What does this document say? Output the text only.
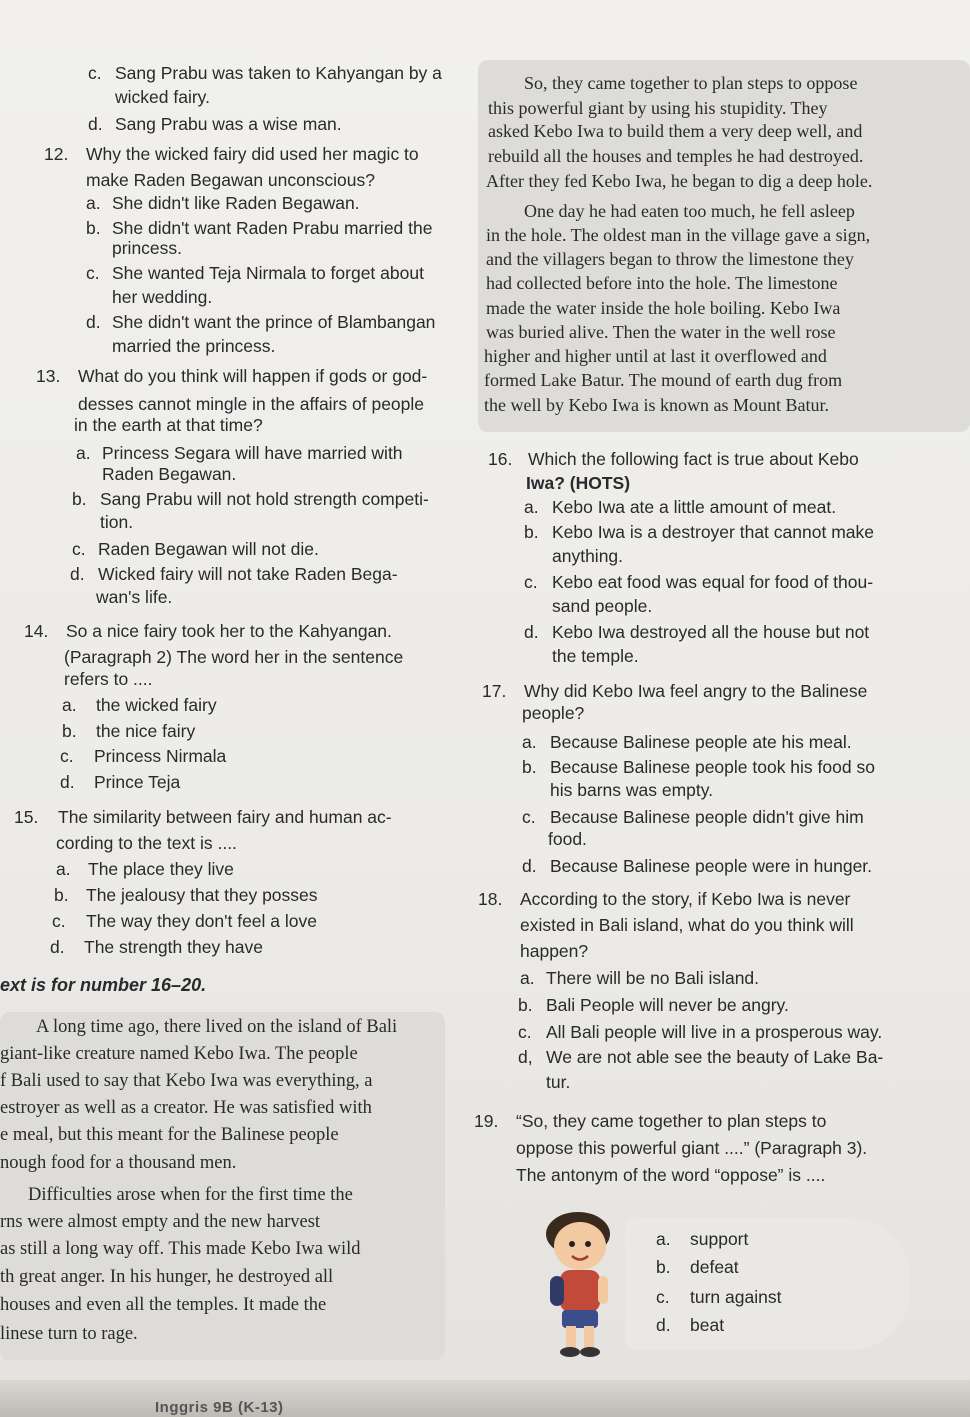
c. Sang Prabu was taken to Kahyangan by a
wicked fairy.
d. Sang Prabu was a wise man.
12. Why the wicked fairy did used her magic to
make Raden Begawan unconscious?
a. She didn't like Raden Begawan.
b. She didn't want Raden Prabu married the
princess.
c. She wanted Teja Nirmala to forget about
her wedding.
d. She didn't want the prince of Blambangan
married the princess.
13. What do you think will happen if gods or god-
desses cannot mingle in the affairs of people
in the earth at that time?
a. Princess Segara will have married with
Raden Begawan.
b. Sang Prabu will not hold strength competi-
tion.
c. Raden Begawan will not die.
d. Wicked fairy will not take Raden Bega-
wan's life.
14. So a nice fairy took her to the Kahyangan.
(Paragraph 2) The word her in the sentence
refers to ....
a. the wicked fairy
b. the nice fairy
c. Princess Nirmala
d. Prince Teja
15. The similarity between fairy and human ac-
cording to the text is ....
a. The place they live
b. The jealousy that they posses
c. The way they don't feel a love
d. The strength they have
ext is for number 16–20.
A long time ago, there lived on the island of Bali
giant-like creature named Kebo Iwa. The people
f Bali used to say that Kebo Iwa was everything, a
estroyer as well as a creator. He was satisfied with
e meal, but this meant for the Balinese people
nough food for a thousand men.
Difficulties arose when for the first time the
rns were almost empty and the new harvest
as still a long way off. This made Kebo Iwa wild
th great anger. In his hunger, he destroyed all
houses and even all the temples. It made the
linese turn to rage.
Inggris 9B (K-13)
So, they came together to plan steps to oppose
this powerful giant by using his stupidity. They
asked Kebo Iwa to build them a very deep well, and
rebuild all the houses and temples he had destroyed.
After they fed Kebo Iwa, he began to dig a deep hole.
One day he had eaten too much, he fell asleep
in the hole. The oldest man in the village gave a sign,
and the villagers began to throw the limestone they
had collected before into the hole. The limestone
made the water inside the hole boiling. Kebo Iwa
was buried alive. Then the water in the well rose
higher and higher until at last it overflowed and
formed Lake Batur. The mound of earth dug from
the well by Kebo Iwa is known as Mount Batur.
16. Which the following fact is true about Kebo
Iwa? (HOTS)
a. Kebo Iwa ate a little amount of meat.
b. Kebo Iwa is a destroyer that cannot make
anything.
c. Kebo eat food was equal for food of thou-
sand people.
d. Kebo Iwa destroyed all the house but not
the temple.
17. Why did Kebo Iwa feel angry to the Balinese
people?
a. Because Balinese people ate his meal.
b. Because Balinese people took his food so
his barns was empty.
c. Because Balinese people didn't give him
food.
d. Because Balinese people were in hunger.
18. According to the story, if Kebo Iwa is never
existed in Bali island, what do you think will
happen?
a. There will be no Bali island.
b. Bali People will never be angry.
c. All Bali people will live in a prosperous way.
d, We are not able see the beauty of Lake Ba-
tur.
19. “So, they came together to plan steps to
oppose this powerful giant ....” (Paragraph 3).
The antonym of the word “oppose” is ....
a. support
b. defeat
c. turn against
d. beat
